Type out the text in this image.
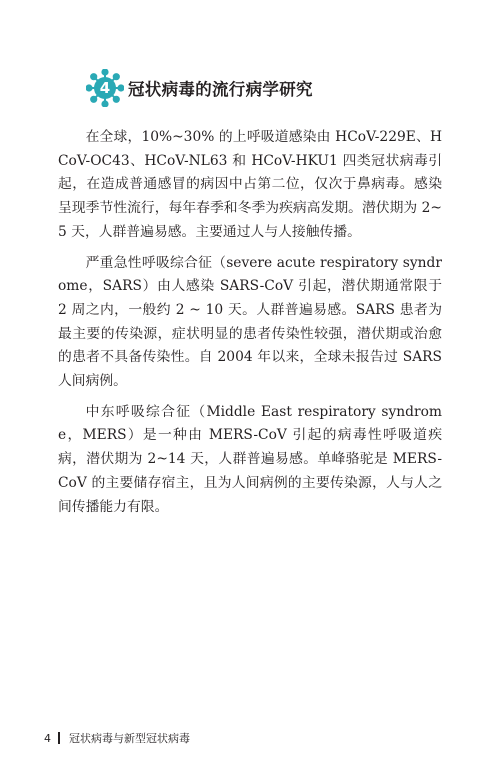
4	冠状病毒的流行病学研究

在全球，10%~30% 的上呼吸道感染由 HCoV-229E、HCoV-OC43、HCoV-NL63 和 HCoV-HKU1 四类冠状病毒引起，在造成普通感冒的病因中占第二位，仅次于鼻病毒。感染呈现季节性流行，每年春季和冬季为疾病高发期。潜伏期为 2~5 天，人群普遍易感。主要通过人与人接触传播。

严重急性呼吸综合征（severe acute respiratory syndrome，SARS）由人感染 SARS-CoV 引起，潜伏期通常限于 2 周之内，一般约 2 ~ 10 天。人群普遍易感。SARS 患者为最主要的传染源，症状明显的患者传染性较强，潜伏期或治愈的患者不具备传染性。自 2004 年以来，全球未报告过 SARS 人间病例。

中东呼吸综合征（Middle East respiratory syndrome，MERS）是一种由 MERS-CoV 引起的病毒性呼吸道疾病，潜伏期为 2~14 天，人群普遍易感。单峰骆驼是 MERS-CoV 的主要储存宿主，且为人间病例的主要传染源，人与人之间传播能力有限。

4 冠状病毒与新型冠状病毒
